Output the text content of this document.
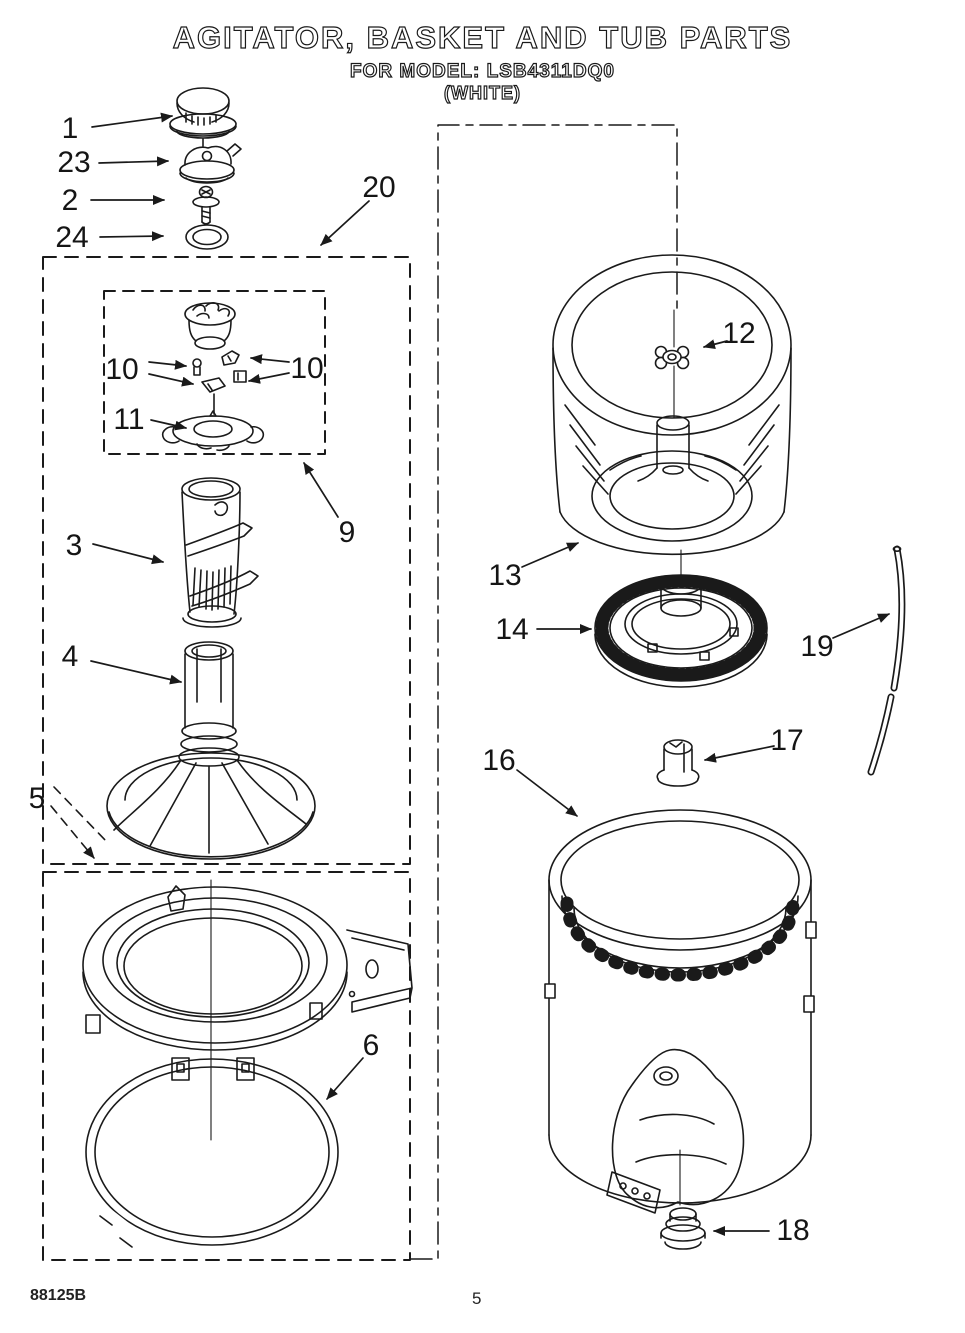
AGITATOR, BASKET AND TUB PARTS
FOR MODEL: LSB4311DQ0
(WHITE)
1
23
2
24
20
10	10
11
9
3
4
5
6
12
13
14
16
17
19
18
88125B	5
